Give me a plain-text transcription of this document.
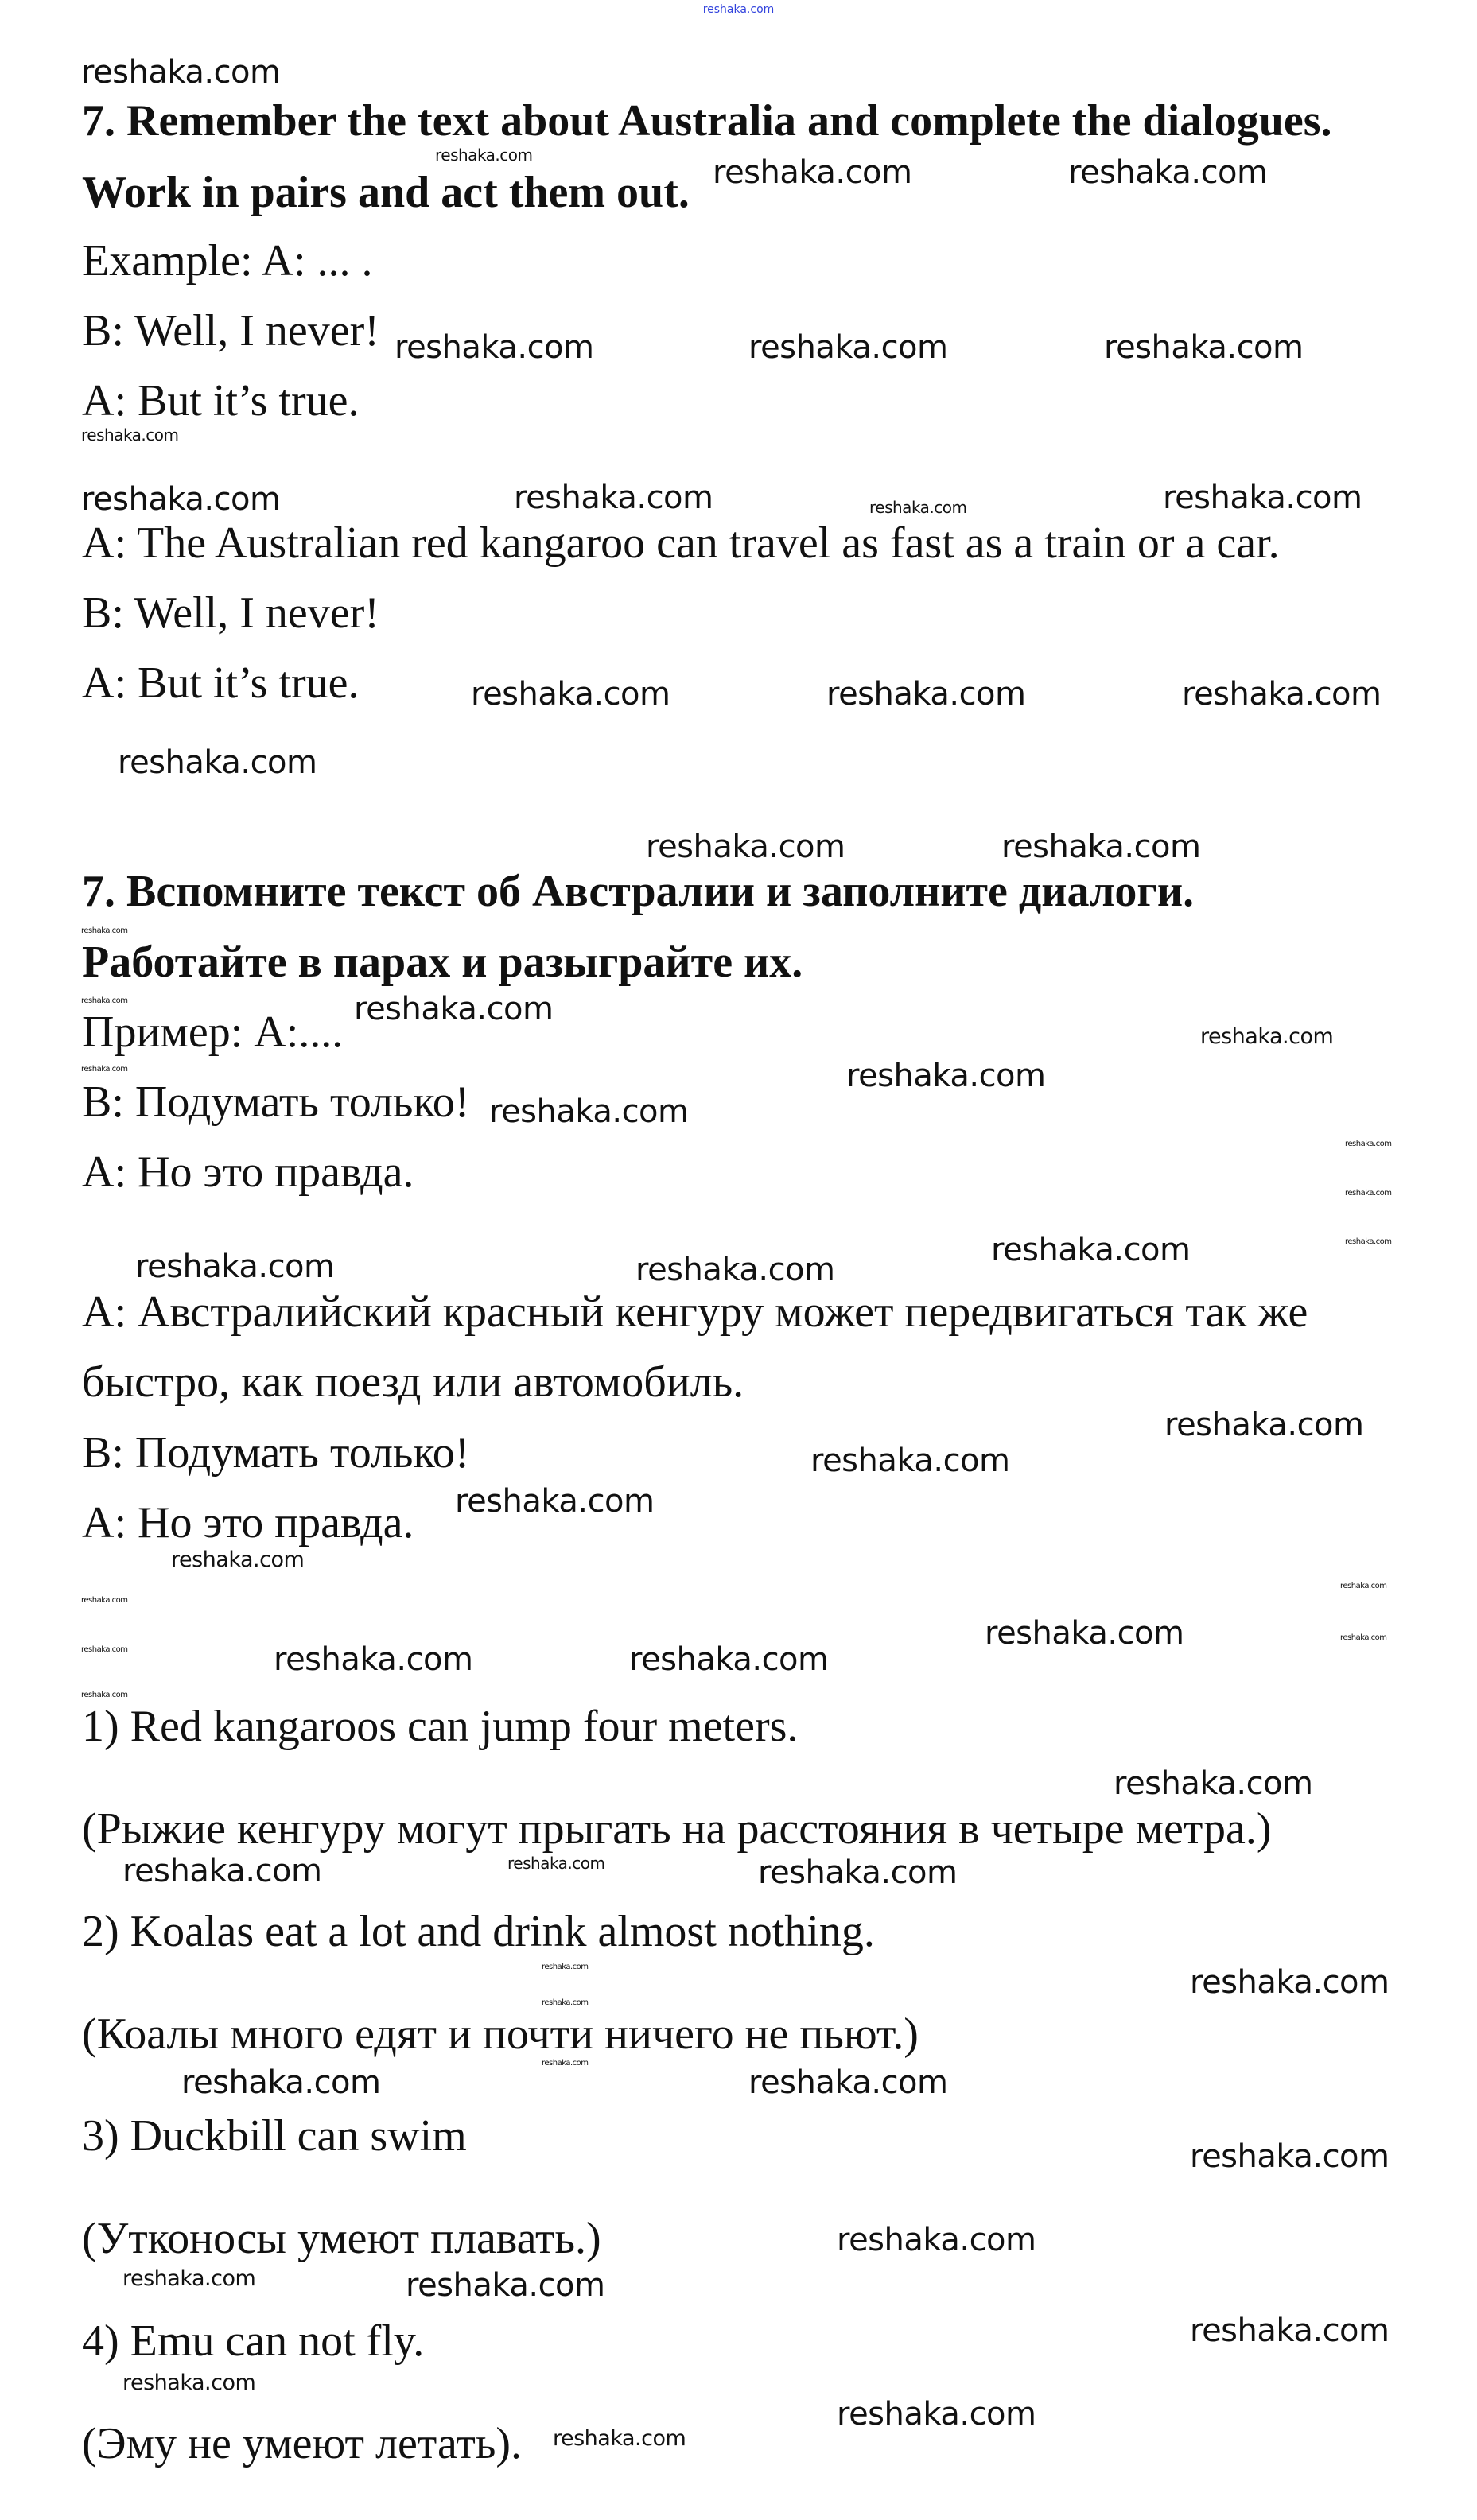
reshaka.com
7. Remember the text about Australia and complete the dialogues.
Work in pairs and act them out.
Example: A: ... .
B: Well, I never!
A: But it’s true.
A: The Australian red kangaroo can travel as fast as a train or a car.
B: Well, I never!
A: But it’s true.
7. Вспомните текст об Австралии и заполните диалоги.
Работайте в парах и разыграйте их.
Пример: А:....
В: Подумать только!
А: Но это правда.
А: Австралийский красный кенгуру может передвигаться так же
быстро, как поезд или автомобиль.
В: Подумать только!
А: Но это правда.
1) Red kangaroos can jump four meters.
(Рыжие кенгуру могут прыгать на расстояния в четыре метра.)
2) Koalas eat a lot and drink almost nothing.
(Коалы много едят и почти ничего не пьют.)
3) Duckbill can swim
(Утконосы умеют плавать.)
4) Emu can not fly.
(Эму не умеют летать).
reshaka.com
reshaka.com	reshaka.com	reshaka.com
reshaka.com	reshaka.com	reshaka.com
reshaka.com
reshaka.com	reshaka.com	reshaka.com
reshaka.com
reshaka.com	reshaka.com	reshaka.com
reshaka.com
reshaka.com	reshaka.com
reshaka.com
reshaka.com
reshaka.com
reshaka.com
reshaka.com	reshaka.com
reshaka.com
reshaka.com
reshaka.com
reshaka.com
reshaka.com	reshaka.com
reshaka.com
reshaka.com
reshaka.com
reshaka.com
reshaka.com
reshaka.com
reshaka.com
reshaka.com
reshaka.com
reshaka.com
reshaka.com
reshaka.com	reshaka.com
reshaka.com
reshaka.com	reshaka.com	reshaka.com
reshaka.com
reshaka.com
reshaka.com
reshaka.com
reshaka.com	reshaka.com
reshaka.com
reshaka.com
reshaka.com	reshaka.com
reshaka.com
reshaka.com
reshaka.com
reshaka.com
